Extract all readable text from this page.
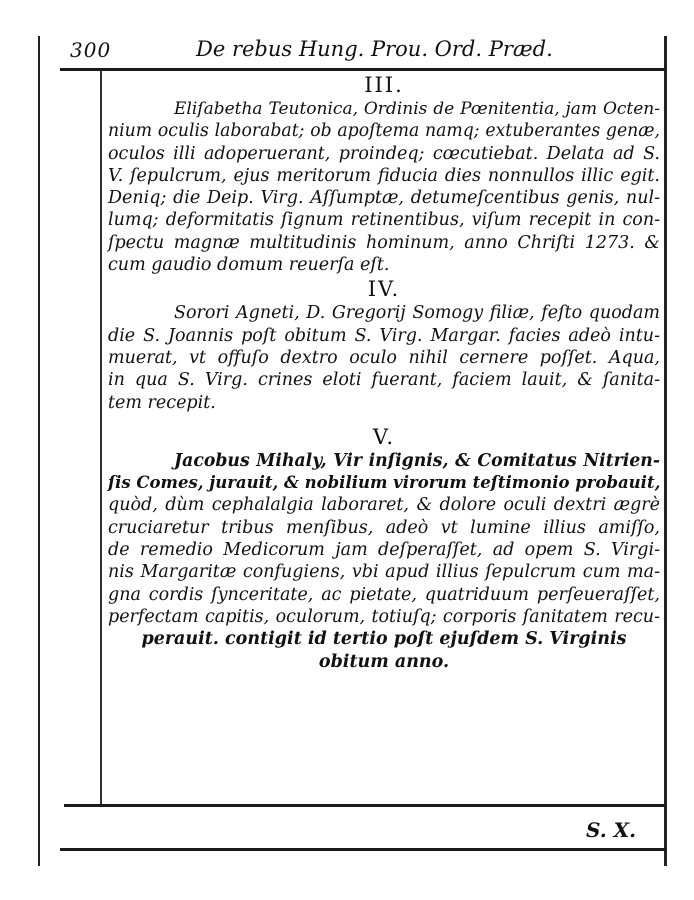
300	De rebus Hung. Prou. Ord. Præd.
III.
Eliſabetha Teutonica, Ordinis de Pœnitentia, jam Octen-
nium oculis laborabat; ob apoſtema namq; extuberantes genæ,
oculos illi adoperuerant, proindeq; cœcutiebat. Delata ad S.
V. ſepulcrum, ejus meritorum fiducia dies nonnullos illic egit.
Deniq; die Deip. Virg. Aſſumptæ, detumeſcentibus genis, nul-
lumq; deformitatis ſignum retinentibus, viſum recepit in con-
ſpectu magnæ multitudinis hominum, anno Chriſti 1273. &
cum gaudio domum reuerſa eſt.
IV.
Sorori Agneti, D. Gregorij Somogy filiæ, feſto quodam
die S. Joannis poſt obitum S. Virg. Margar. facies adeò intu-
muerat, vt offuſo dextro oculo nihil cernere poſſet. Aqua,
in qua S. Virg. crines eloti fuerant, faciem lauit, & ſanita-
tem recepit.
V.
Jacobus Mihaly, Vir inſignis, & Comitatus Nitrien-
ſis Comes, jurauit, & nobilium virorum teſtimonio probauit,
quòd, dùm cephalalgia laboraret, & dolore oculi dextri ægrè
cruciaretur tribus menſibus, adeò vt lumine illius amiſſo,
de remedio Medicorum jam deſperaſſet, ad opem S. Virgi-
nis Margaritæ confugiens, vbi apud illius ſepulcrum cum ma-
gna cordis ſynceritate, ac pietate, quatriduum perſeueraſſet,
perfectam capitis, oculorum, totiuſq; corporis ſanitatem recu-
perauit. contigit id tertio poſt ejuſdem S. Virginis
obitum anno.
S. X.
